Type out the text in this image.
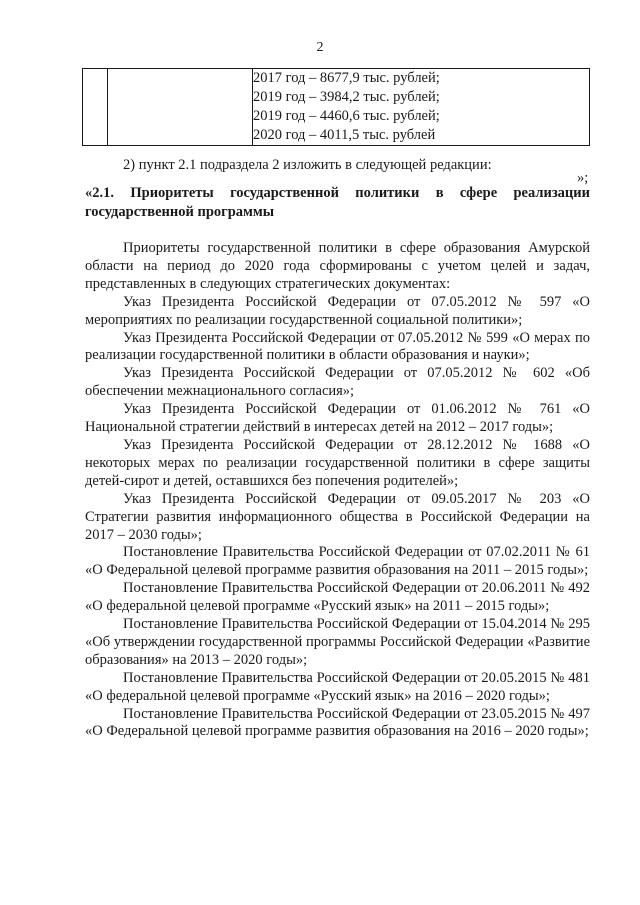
2

2017 год – 8677,9 тыс. рублей;
2019 год – 3984,2 тыс. рублей;
2019 год – 4460,6 тыс. рублей;
2020 год – 4011,5 тыс. рублей
»;
2) пункт 2.1 подраздела 2 изложить в следующей редакции:
«2.1. Приоритеты государственной политики в сфере реализации государственной программы

Приоритеты государственной политики в сфере образования Амурской области на период до 2020 года сформированы с учетом целей и задач, представленных в следующих стратегических документах:

Указ Президента Российской Федерации от 07.05.2012 № 597 «О мероприятиях по реализации государственной социальной политики»;

Указ Президента Российской Федерации от 07.05.2012 № 599 «О мерах по реализации государственной политики в области образования и науки»;

Указ Президента Российской Федерации от 07.05.2012 № 602 «Об обеспечении межнационального согласия»;

Указ Президента Российской Федерации от 01.06.2012 № 761 «О Национальной стратегии действий в интересах детей на 2012 – 2017 годы»;

Указ Президента Российской Федерации от 28.12.2012 № 1688 «О некоторых мерах по реализации государственной политики в сфере защиты детей-сирот и детей, оставшихся без попечения родителей»;

Указ Президента Российской Федерации от 09.05.2017 № 203 «О Стратегии развития информационного общества в Российской Федерации на 2017 – 2030 годы»;

Постановление Правительства Российской Федерации от 07.02.2011 № 61 «О Федеральной целевой программе развития образования на 2011 – 2015 годы»;

Постановление Правительства Российской Федерации от 20.06.2011 № 492 «О федеральной целевой программе «Русский язык» на 2011 – 2015 годы»;

Постановление Правительства Российской Федерации от 15.04.2014 № 295 «Об утверждении государственной программы Российской Федерации «Развитие образования» на 2013 – 2020 годы»;

Постановление Правительства Российской Федерации от 20.05.2015 № 481 «О федеральной целевой программе «Русский язык» на 2016 – 2020 годы»;

Постановление Правительства Российской Федерации от 23.05.2015 № 497 «О Федеральной целевой программе развития образования на 2016 – 2020 годы»;
